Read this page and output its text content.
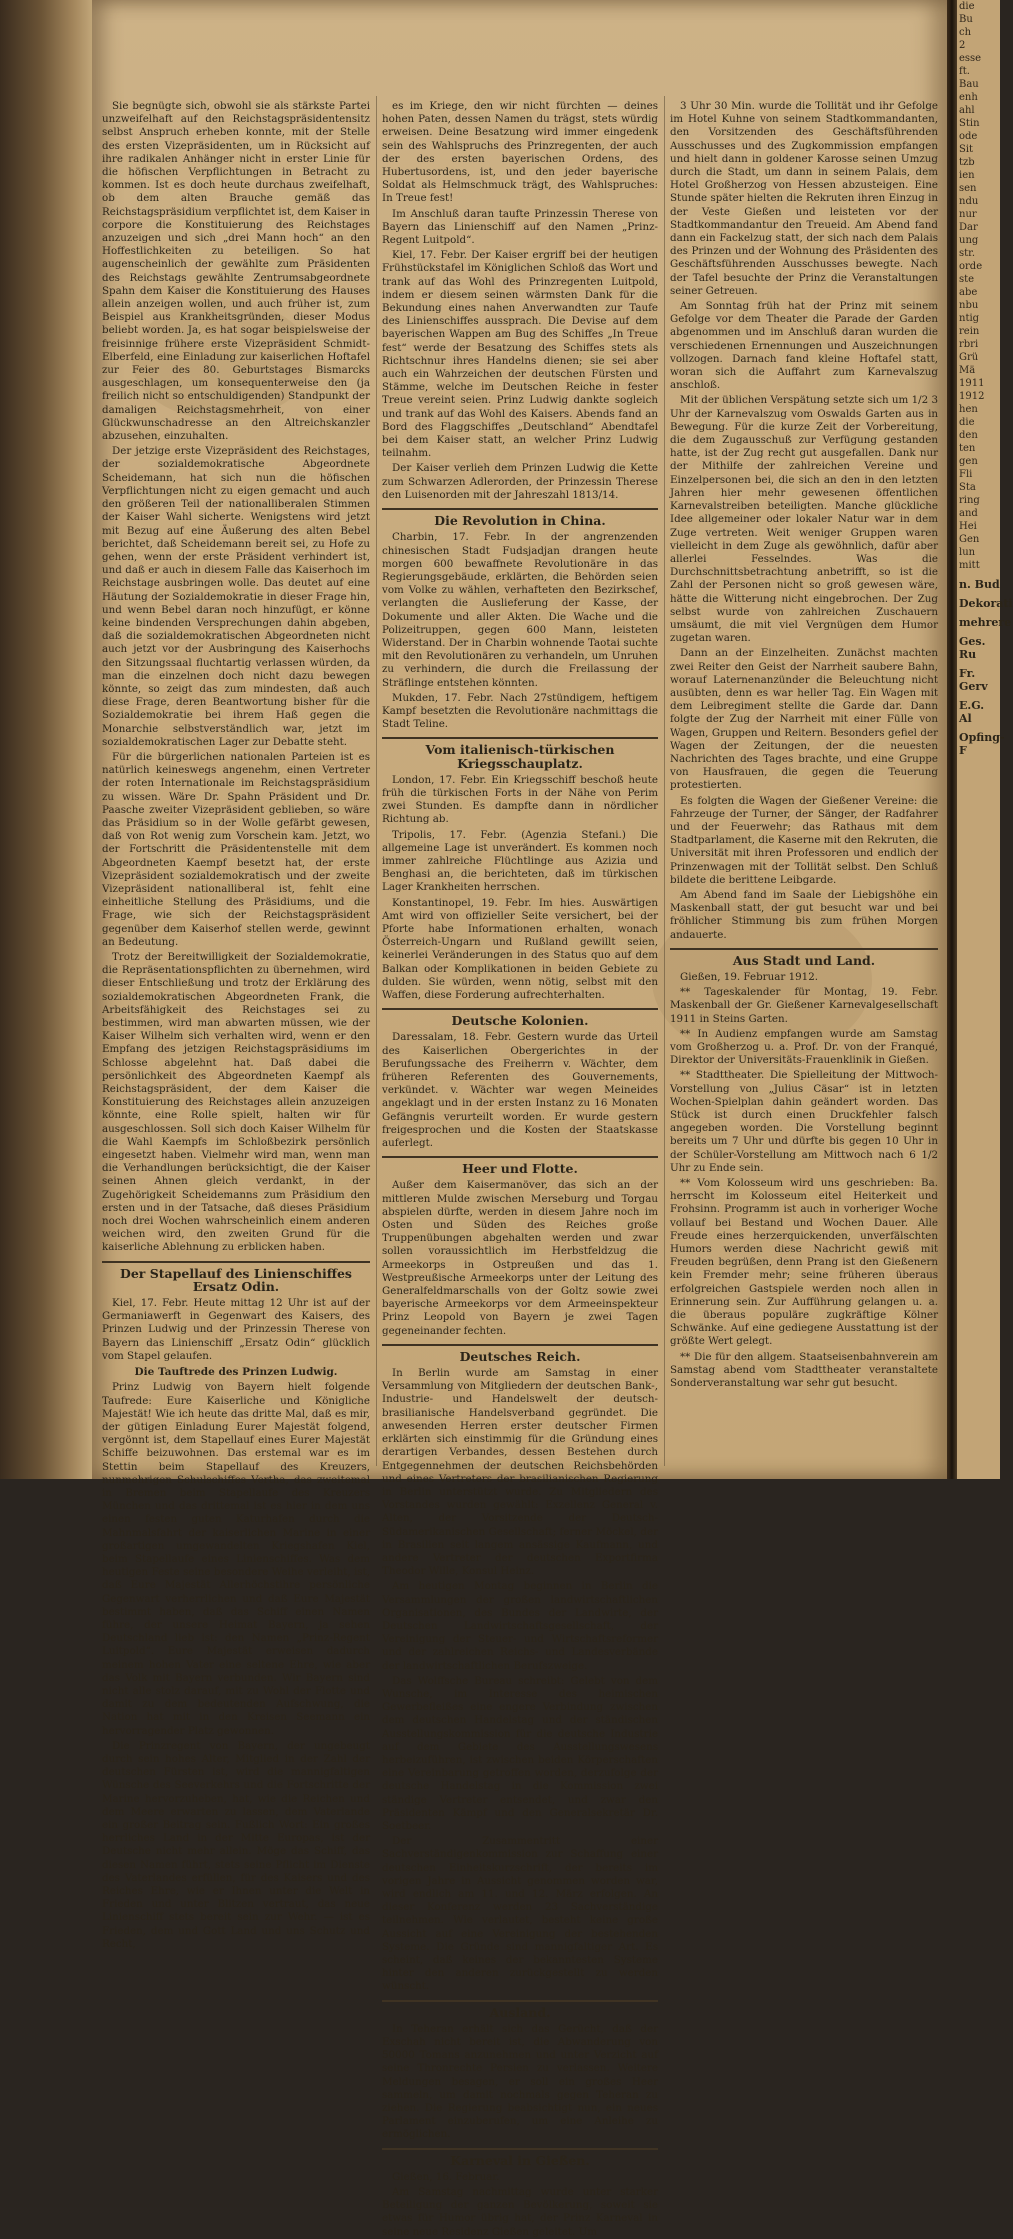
Sie begnügte sich, obwohl sie als stärkste Partei unzweifelhaft auf den Reichstagspräsidentensitz selbst Anspruch erheben konnte, mit der Stelle des ersten Vizepräsidenten, um in Rücksicht auf ihre radikalen Anhänger nicht in erster Linie für die höfischen Verpflichtungen in Betracht zu kommen. Ist es doch heute durchaus zweifelhaft, ob dem alten Brauche gemäß das Reichstagspräsidium verpflichtet ist, dem Kaiser in corpore die Konstituierung des Reichstages anzuzeigen und sich „drei Mann hoch“ an den Hoffestlichkeiten zu beteiligen. So hat augenscheinlich der gewählte zum Präsidenten des Reichstags gewählte Zentrumsabgeordnete Spahn dem Kaiser die Konstituierung des Hauses allein anzeigen wollen, und auch früher ist, zum Beispiel aus Krankheitsgründen, dieser Modus beliebt worden. Ja, es hat sogar beispielsweise der freisinnige frühere erste Vizepräsident Schmidt-Elberfeld, eine Einladung zur kaiserlichen Hoftafel zur Feier des 80. Geburtstages Bismarcks ausgeschlagen, um konsequenterweise den (ja freilich nicht so entschuldigenden) Standpunkt der damaligen Reichstagsmehrheit, von einer Glückwunschadresse an den Altreichskanzler abzusehen, einzuhalten.

Der jetzige erste Vizepräsident des Reichstages, der sozialdemokratische Abgeordnete Scheidemann, hat sich nun die höfischen Verpflichtungen nicht zu eigen gemacht und auch den größeren Teil der nationalliberalen Stimmen der Kaiser Wahl sicherte. Wenigstens wird jetzt mit Bezug auf eine Äußerung des alten Bebel berichtet, daß Scheidemann bereit sei, zu Hofe zu gehen, wenn der erste Präsident verhindert ist, und daß er auch in diesem Falle das Kaiserhoch im Reichstage ausbringen wolle. Das deutet auf eine Häutung der Sozialdemokratie in dieser Frage hin, und wenn Bebel daran noch hinzufügt, er könne keine bindenden Versprechungen dahin abgeben, daß die sozialdemokratischen Abgeordneten nicht auch jetzt vor der Ausbringung des Kaiserhochs den Sitzungssaal fluchtartig verlassen würden, da man die einzelnen doch nicht dazu bewegen könnte, so zeigt das zum mindesten, daß auch diese Frage, deren Beantwortung bisher für die Sozialdemokratie bei ihrem Haß gegen die Monarchie selbstverständlich war, jetzt im sozialdemokratischen Lager zur Debatte steht.

Für die bürgerlichen nationalen Parteien ist es natürlich keineswegs angenehm, einen Vertreter der roten Internationale im Reichstagspräsidium zu wissen. Wäre Dr. Spahn Präsident und Dr. Paasche zweiter Vizepräsident geblieben, so wäre das Präsidium so in der Wolle gefärbt gewesen, daß von Rot wenig zum Vorschein kam. Jetzt, wo der Fortschritt die Präsidentenstelle mit dem Abgeordneten Kaempf besetzt hat, der erste Vizepräsident sozialdemokratisch und der zweite Vizepräsident nationalliberal ist, fehlt eine einheitliche Stellung des Präsidiums, und die Frage, wie sich der Reichstagspräsident gegenüber dem Kaiserhof stellen werde, gewinnt an Bedeutung.

Trotz der Bereitwilligkeit der Sozialdemokratie, die Repräsentationspflichten zu übernehmen, wird dieser Entschließung und trotz der Erklärung des sozialdemokratischen Abgeordneten Frank, die Arbeitsfähigkeit des Reichstages sei zu bestimmen, wird man abwarten müssen, wie der Kaiser Wilhelm sich verhalten wird, wenn er den Empfang des jetzigen Reichstagspräsidiums im Schlosse abgelehnt hat. Daß dabei die persönlichkeit des Abgeordneten Kaempf als Reichstagspräsident, der dem Kaiser die Konstituierung des Reichstages allein anzuzeigen könnte, eine Rolle spielt, halten wir für ausgeschlossen. Soll sich doch Kaiser Wilhelm für die Wahl Kaempfs im Schloßbezirk persönlich eingesetzt haben. Vielmehr wird man, wenn man die Verhandlungen berücksichtigt, die der Kaiser seinen Ahnen gleich verdankt, in der Zugehörigkeit Scheidemanns zum Präsidium den ersten und in der Tatsache, daß dieses Präsidium noch drei Wochen wahrscheinlich einem anderen weichen wird, den zweiten Grund für die kaiserliche Ablehnung zu erblicken haben.

Der Stapellauf des Linienschiffes Ersatz Odin.

Kiel, 17. Febr. Heute mittag 12 Uhr ist auf der Germaniawerft in Gegenwart des Kaisers, des Prinzen Ludwig und der Prinzessin Therese von Bayern das Linienschiff „Ersatz Odin“ glücklich vom Stapel gelaufen.

Die Tauftrede des Prinzen Ludwig.

Prinz Ludwig von Bayern hielt folgende Taufrede: Eure Kaiserliche und Königliche Majestät! Wie ich heute das dritte Mal, daß es mir, der gütigen Einladung Eurer Majestät folgend, vergönnt ist, dem Stapellauf eines Eurer Majestät Schiffe beizuwohnen. Das erstemal war es im Stettin beim Stapellauf des Kreuzers, nunmehrigen Schulschiffes Vertha, das zweitemal in Bremen beim Stapellaufe des Kreuzers München und das drittemal ist es hier in dem uns einen festen guten Katurhafen durch die Mahnmalsfahrt der kaiserlichen Marine in einer großartigen umgewandelten Kriegshafen Kiel, beim Stapellaufe eines Linienschiffes. Was dem heutigen Feste seine besondere Weihe verleiht, ist, daß Eure Majestät Allerhöchstihre persönliche Gegenwart verherrlichen und daß Eure Majestät bestimmt haben, daß das Schiff einen Namen führe, der unsere Heimat Bayern, ja sehen Deutschland lieb ist: den Namen „Prinz-Regent Luitpold“. Eure Majestät erweisen dadurch meinem hohen Vater eine seltene Ehre, wie aber das Volk mit Bayern verbunden. Wir Bayern sind nicht alle stolz darauf, mit zu Wohl der Flotte und damit zu dem bedeutenden Aufschwung, die Nation hat mit in den Kreisen Seemann ein hervorragender Platz gewonnen.

Die Prinzregent von Bayern, der ungebeugt durch sein hohes Alter, Mitglied in der Zahl der deutschen Fürsten ist, wird die mannigfaltigen Wünsche des Seeverkehrs und die Fortschritte der Marine hervorzuheben, hat, wie die Reichen und dem Meere erwarten zu lassen, dem Vaterlande ein großer Beitrag sein. Fußlich Wort: Ein großes herrliches Land in der Mitte Europas, ist der Deutsche nicht mehr allein. Möge das Schiff, das diesen Namen führt, stets seine Pflicht im Dienste des Vaterlandes erfüllen, für des Kaisers und des Reiches Ehre, wie er Ihnen unter die Welt in Frieden und unter Blitzen vertraut, das neue Linienschiff stets bereit sein zur Wehr. — ist es Frieden, dem und Gott Land und uns Schutz und Recht,

es im Kriege, den wir nicht fürchten — deines hohen Paten, dessen Namen du trägst, stets würdig erweisen. Deine Besatzung wird immer eingedenk sein des Wahlspruchs des Prinzregenten, der auch der des ersten bayerischen Ordens, des Hubertusordens, ist, und den jeder bayerische Soldat als Helmschmuck trägt, des Wahlspruches: In Treue fest!

Im Anschluß daran taufte Prinzessin Therese von Bayern das Linienschiff auf den Namen „Prinz-Regent Luitpold“.

Kiel, 17. Febr. Der Kaiser ergriff bei der heutigen Frühstückstafel im Königlichen Schloß das Wort und trank auf das Wohl des Prinzregenten Luitpold, indem er diesem seinen wärmsten Dank für die Bekundung eines nahen Anverwandten zur Taufe des Linienschiffes aussprach. Die Devise auf dem bayerischen Wappen am Bug des Schiffes „In Treue fest“ werde der Besatzung des Schiffes stets als Richtschnur ihres Handelns dienen; sie sei aber auch ein Wahrzeichen der deutschen Fürsten und Stämme, welche im Deutschen Reiche in fester Treue vereint seien. Prinz Ludwig dankte sogleich und trank auf das Wohl des Kaisers. Abends fand an Bord des Flaggschiffes „Deutschland“ Abendtafel bei dem Kaiser statt, an welcher Prinz Ludwig teilnahm.

Der Kaiser verlieh dem Prinzen Ludwig die Kette zum Schwarzen Adlerorden, der Prinzessin Therese den Luisenorden mit der Jahreszahl 1813/14.

Die Revolution in China.

Charbin, 17. Febr. In der angrenzenden chinesischen Stadt Fudsjadjan drangen heute morgen 600 bewaffnete Revolutionäre in das Regierungsgebäude, erklärten, die Behörden seien vom Volke zu wählen, verhafteten den Bezirkschef, verlangten die Auslieferung der Kasse, der Dokumente und aller Akten. Die Wache und die Polizeitruppen, gegen 600 Mann, leisteten Widerstand. Der in Charbin wohnende Taotai suchte mit den Revolutionären zu verhandeln, um Unruhen zu verhindern, die durch die Freilassung der Sträflinge entstehen könnten.

Mukden, 17. Febr. Nach 27stündigem, heftigem Kampf besetzten die Revolutionäre nachmittags die Stadt Teline.

Vom italienisch-türkischen Kriegsschauplatz.

London, 17. Febr. Ein Kriegsschiff beschoß heute früh die türkischen Forts in der Nähe von Perim zwei Stunden. Es dampfte dann in nördlicher Richtung ab.

Tripolis, 17. Febr. (Agenzia Stefani.) Die allgemeine Lage ist unverändert. Es kommen noch immer zahlreiche Flüchtlinge aus Azizia und Benghasi an, die berichteten, daß im türkischen Lager Krankheiten herrschen.

Konstantinopel, 19. Febr. Im hies. Auswärtigen Amt wird von offizieller Seite versichert, bei der Pforte habe Informationen erhalten, wonach Österreich-Ungarn und Rußland gewillt seien, keinerlei Veränderungen in des Status quo auf dem Balkan oder Komplikationen in beiden Gebiete zu dulden. Sie würden, wenn nötig, selbst mit den Waffen, diese Forderung aufrechterhalten.

Deutsche Kolonien.

Daressalam, 18. Febr. Gestern wurde das Urteil des Kaiserlichen Obergerichtes in der Berufungssache des Freiherrn v. Wächter, dem früheren Referenten des Gouvernements, verkündet. v. Wächter war wegen Meineides angeklagt und in der ersten Instanz zu 16 Monaten Gefängnis verurteilt worden. Er wurde gestern freigesprochen und die Kosten der Staatskasse auferlegt.

Heer und Flotte.

Außer dem Kaisermanöver, das sich an der mittleren Mulde zwischen Merseburg und Torgau abspielen dürfte, werden in diesem Jahre noch im Osten und Süden des Reiches große Truppenübungen abgehalten werden und zwar sollen voraussichtlich im Herbstfeldzug die Armeekorps in Ostpreußen und das 1. Westpreußische Armeekorps unter der Leitung des Generalfeldmarschalls von der Goltz sowie zwei bayerische Armeekorps vor dem Armeeinspekteur Prinz Leopold von Bayern je zwei Tagen gegeneinander fechten.

Deutsches Reich.

In Berlin wurde am Samstag in einer Versammlung von Mitgliedern der deutschen Bank-, Industrie- und Handelswelt der deutsch-brasilianische Handelsverband gegründet. Die anwesenden Herren erster deutscher Firmen erklärten sich einstimmig für die Gründung eines derartigen Verbandes, dessen Bestehen durch Entgegennehmen der deutschen Reichsbehörden und eines Vertreters der brasilianischen Regierung in Berlin unterstützt wurde. Zu Mitgliedern des Vorstandes wurden gewählt: Exzellenz General v. Alten, der Vorsitzende der Deutsch-Südamerikanischen Gesellschaft; ferner Möckel, der in Brasilien seit langem ansässige Kaufmann, und andere Vertreter der deutschen Exportfirma Theodor Wille, Konsul Heinz.

Am heutigen Montag beginnen in Berlin die Versammlungen der großen landwirtschaftlichen Organisationen, des Bundes der Landwirte, der Deutschen Landwirtschaftsgesellschaft, der Vereinigung der Steuer- und Wirtschaftsreformer und der zahlreichen Reichs- und Landesverbände der landwirtschaftlichen Berufszweige.

Das Wolffsche Bureau schreibt: Gelebt von dem Wunsche, im Interesse des heimischen Gewerbefleißes eine engere Verbindung zwischen dem deutschen Handelstag und der ständischen Ausstellungskommission für die deutsche Industrie auf dem Gebiete des Ausstellungswesens herbeizuführen, ist zwischen beiden Körperschaften eine Vereinbarung getroffen worden, derzufolge der deutsche Handelstag in die Kommission zwei ständige Vertreter entsendet, und zwar den Präsidenten Kämpf und den Generalsekretär Dr. Soetbeer.

Der Zusammentritt einer Sachverständigenkommission zur Schaffung einer deutschen Einheitskurzschrift, der bereits im vorigen Jahre in Aussicht genommen worden war, wird endlich am 11. und 12. März erfolgen. An dieser Konferenz werden 23 Sachverständige teilnehmen. Wie verlautet, besteht keine große Aussicht auf eine Vereinigung der bestehenden Systeme. Die Gründe sind mannigfaltiger Art. Es scheint, daß keines der bekanntesten Systeme hinter den anderen zurückgestellt zu werden wünscht.

Ausland.

In Teheran erhält sich das Gerücht, daß der Exschah nicht bereit ist, die Abwanderung von 50000 Tomans anzunehmen und unter Verzicht auf seine Thronrechte Persien zu verlassen. Weitere Meldungen besagen, er soll ein großes Heer sammeln, um damit nochmals gegen Teheran zu ziehen. Die Regierung beabsichtigt nun, ein neues Parlament einzuberufen, um eine Anleihe zu ermöglichen.

Karneval in Gießen.

Gießen, 16. Februar.

Am Samstag nachmittag wurde unter starker Beteiligung der ganzen Bevölkerung, soweit sie etwas für Humor übrig hat, der Prinz Karneval in seine neue Residenz Gießen geleitet. Um

3 Uhr 30 Min. wurde die Tollität und ihr Gefolge im Hotel Kuhne von seinem Stadtkommandanten, den Vorsitzenden des Geschäftsführenden Ausschusses und des Zugkommission empfangen und hielt dann in goldener Karosse seinen Umzug durch die Stadt, um dann in seinem Palais, dem Hotel Großherzog von Hessen abzusteigen. Eine Stunde später hielten die Rekruten ihren Einzug in der Veste Gießen und leisteten vor der Stadtkommandantur den Treueid. Am Abend fand dann ein Fackelzug statt, der sich nach dem Palais des Prinzen und der Wohnung des Präsidenten des Geschäftsführenden Ausschusses bewegte. Nach der Tafel besuchte der Prinz die Veranstaltungen seiner Getreuen.

Am Sonntag früh hat der Prinz mit seinem Gefolge vor dem Theater die Parade der Garden abgenommen und im Anschluß daran wurden die verschiedenen Ernennungen und Auszeichnungen vollzogen. Darnach fand kleine Hoftafel statt, woran sich die Auffahrt zum Karnevalszug anschloß.

Mit der üblichen Verspätung setzte sich um 1/2 3 Uhr der Karnevalszug vom Oswalds Garten aus in Bewegung. Für die kurze Zeit der Vorbereitung, die dem Zugausschuß zur Verfügung gestanden hatte, ist der Zug recht gut ausgefallen. Dank nur der Mithilfe der zahlreichen Vereine und Einzelpersonen bei, die sich an den in den letzten Jahren hier mehr gewesenen öffentlichen Karnevalstreiben beteiligten. Manche glückliche Idee allgemeiner oder lokaler Natur war in dem Zuge vertreten. Weit weniger Gruppen waren vielleicht in dem Zuge als gewöhnlich, dafür aber allerlei Fesselndes. Was die Durchschnittsbetrachtung anbetrifft, so ist die Zahl der Personen nicht so groß gewesen wäre, hätte die Witterung nicht eingebrochen. Der Zug selbst wurde von zahlreichen Zuschauern umsäumt, die mit viel Vergnügen dem Humor zugetan waren.

Dann an der Einzelheiten. Zunächst machten zwei Reiter den Geist der Narrheit saubere Bahn, worauf Laternenanzünder die Beleuchtung nicht ausübten, denn es war heller Tag. Ein Wagen mit dem Leibregiment stellte die Garde dar. Dann folgte der Zug der Narrheit mit einer Fülle von Wagen, Gruppen und Reitern. Besonders gefiel der Wagen der Zeitungen, der die neuesten Nachrichten des Tages brachte, und eine Gruppe von Hausfrauen, die gegen die Teuerung protestierten.

Es folgten die Wagen der Gießener Vereine: die Fahrzeuge der Turner, der Sänger, der Radfahrer und der Feuerwehr; das Rathaus mit dem Stadtparlament, die Kaserne mit den Rekruten, die Universität mit ihren Professoren und endlich der Prinzenwagen mit der Tollität selbst. Den Schluß bildete die berittene Leibgarde.

Am Abend fand im Saale der Liebigshöhe ein Maskenball statt, der gut besucht war und bei fröhlicher Stimmung bis zum frühen Morgen andauerte.

Aus Stadt und Land.

Gießen, 19. Februar 1912.

** Tageskalender für Montag, 19. Febr. Maskenball der Gr. Gießener Karnevalgesellschaft 1911 in Steins Garten.

** In Audienz empfangen wurde am Samstag vom Großherzog u. a. Prof. Dr. von der Franqué, Direktor der Universitäts-Frauenklinik in Gießen.

** Stadttheater. Die Spielleitung der Mittwoch-Vorstellung von „Julius Cäsar“ ist in letzten Wochen-Spielplan dahin geändert worden. Das Stück ist durch einen Druckfehler falsch angegeben worden. Die Vorstellung beginnt bereits um 7 Uhr und dürfte bis gegen 10 Uhr in der Schüler-Vorstellung am Mittwoch nach 6 1/2 Uhr zu Ende sein.

** Vom Kolosseum wird uns geschrieben: Ba. herrscht im Kolosseum eitel Heiterkeit und Frohsinn. Programm ist auch in vorheriger Woche vollauf bei Bestand und Wochen Dauer. Alle Freude eines herzerquickenden, unverfälschten Humors werden diese Nachricht gewiß mit Freuden begrüßen, denn Prang ist den Gießenern kein Fremder mehr; seine früheren überaus erfolgreichen Gastspiele werden noch allen in Erinnerung sein. Zur Aufführung gelangen u. a. die überaus populäre zugkräftige Kölner Schwänke. Auf eine gediegene Ausstattung ist der größte Wert gelegt.

** Die für den allgem. Staatseisenbahnverein am Samstag abend vom Stadttheater veranstaltete Sonderveranstaltung war sehr gut besucht.

die
Bu
ch
2
esse
ft.
Bau
enh
ahl
Stin
ode
Sit
tzb
ien
sen
ndu
nur
Dar
ung
str.
orde
ste
abe
nbu
ntig
rein
rbri
Grü
Mä
1911
1912
hen
die
den
ten
gen
Fli
Sta
ring
and
Hei
Gen
lun
mitt
n. Bud
Dekorati
mehrere
Ges. Ru
Fr. Gerv
E.G. Al
Opfing-F
